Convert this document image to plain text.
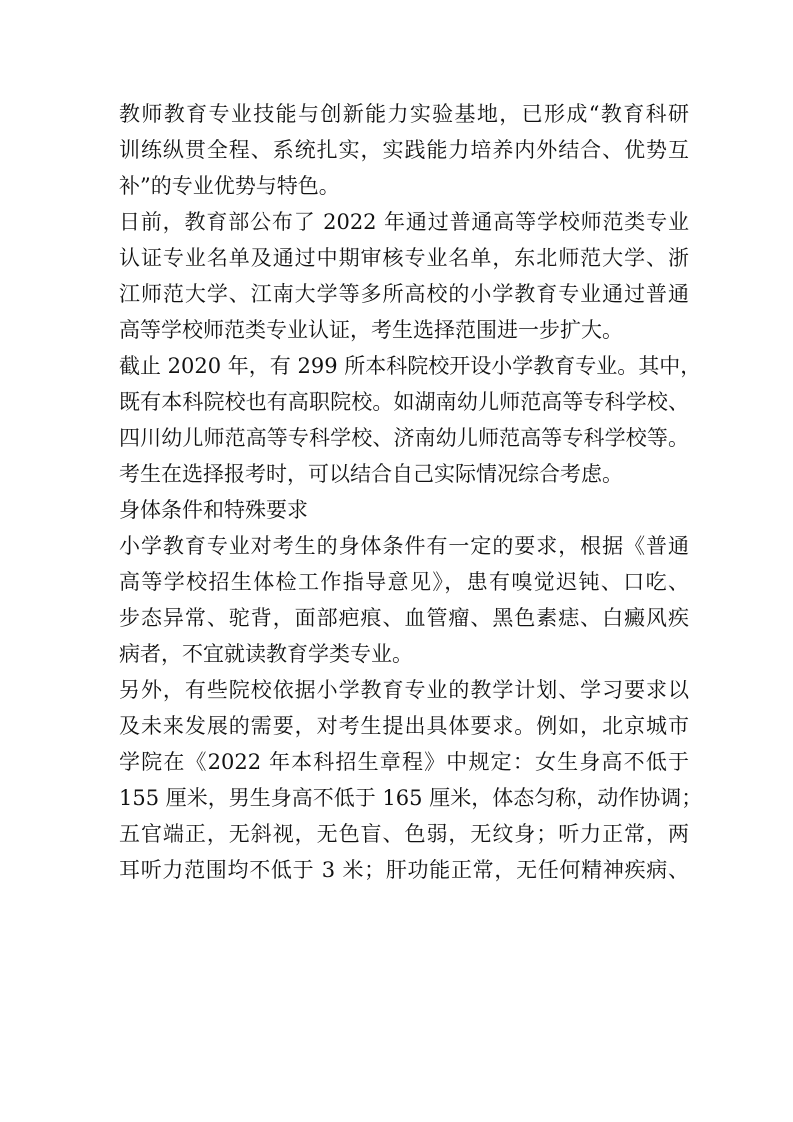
教师教育专业技能与创新能力实验基地，已形成“教育科研
训练纵贯全程、系统扎实，实践能力培养内外结合、优势互
补”的专业优势与特色。
日前，教育部公布了 2022 年通过普通高等学校师范类专业
认证专业名单及通过中期审核专业名单，东北师范大学、浙
江师范大学、江南大学等多所高校的小学教育专业通过普通
高等学校师范类专业认证，考生选择范围进一步扩大。
截止 2020 年，有 299 所本科院校开设小学教育专业。其中，
既有本科院校也有高职院校。如湖南幼儿师范高等专科学校、
四川幼儿师范高等专科学校、济南幼儿师范高等专科学校等。
考生在选择报考时，可以结合自己实际情况综合考虑。
身体条件和特殊要求
小学教育专业对考生的身体条件有一定的要求，根据《普通
高等学校招生体检工作指导意见》，患有嗅觉迟钝、口吃、
步态异常、驼背，面部疤痕、血管瘤、黑色素痣、白癜风疾
病者，不宜就读教育学类专业。
另外，有些院校依据小学教育专业的教学计划、学习要求以
及未来发展的需要，对考生提出具体要求。例如，北京城市
学院在《2022 年本科招生章程》中规定：女生身高不低于
155 厘米，男生身高不低于 165 厘米，体态匀称，动作协调；
五官端正，无斜视，无色盲、色弱，无纹身；听力正常，两
耳听力范围均不低于 3 米；肝功能正常，无任何精神疾病、
